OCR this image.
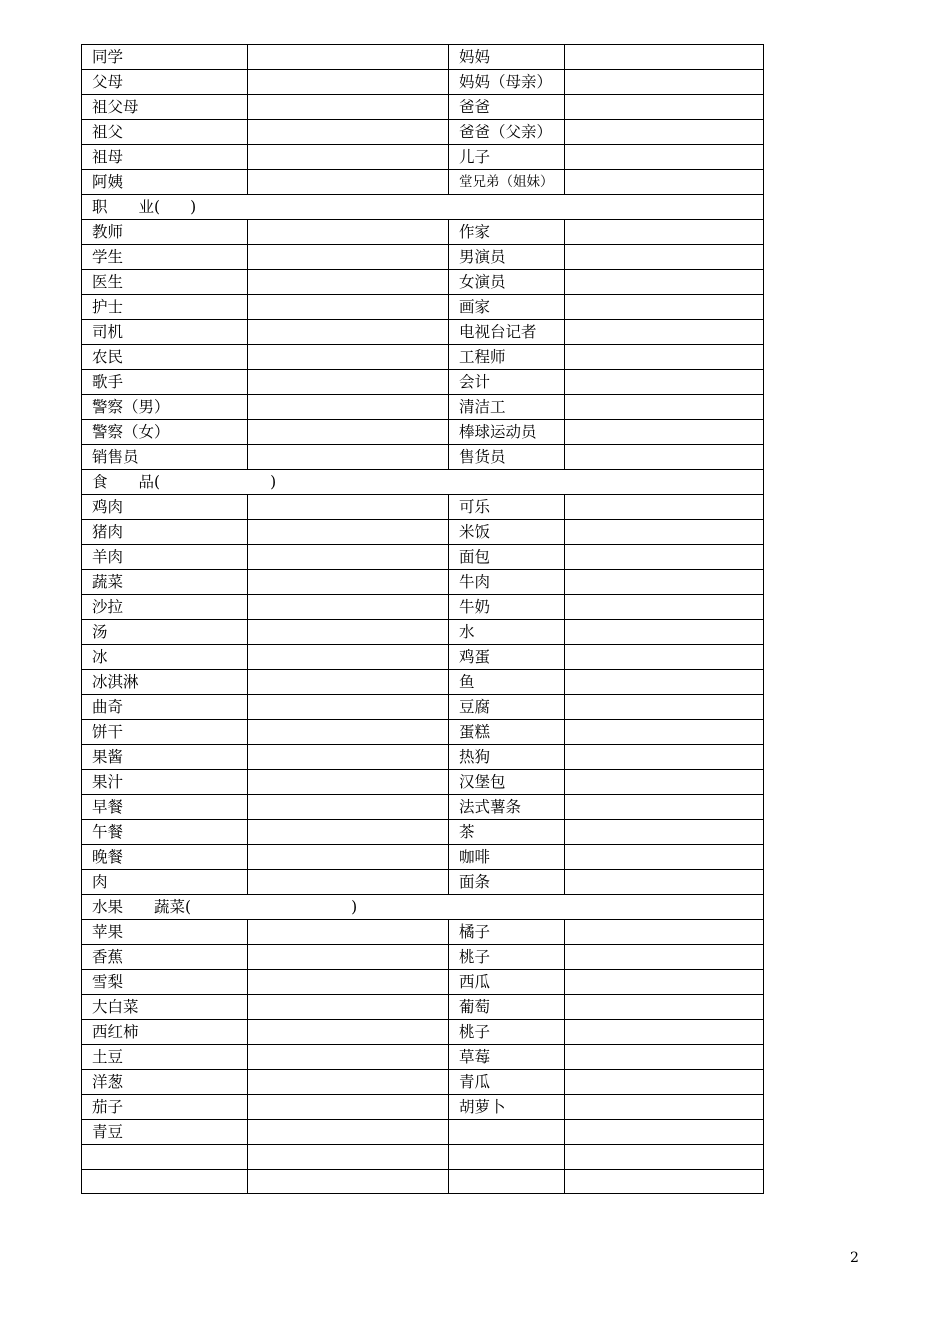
同学		妈妈	
父母		妈妈（母亲）	
祖父母		爸爸	
祖父		爸爸（父亲）	
祖母		儿子	
阿姨		堂兄弟（姐妹）	
职　　业( )			
教师		作家	
学生		男演员	
医生		女演员	
护士		画家	
司机		电视台记者	
农民		工程师	
歌手		会计	
警察（男）		清洁工	
警察（女）		棒球运动员	
销售员		售货员	
食　　品( )			
鸡肉		可乐	
猪肉		米饭	
羊肉		面包	
蔬菜		牛肉	
沙拉		牛奶	
汤		水	
冰		鸡蛋	
冰淇淋		鱼	
曲奇		豆腐	
饼干		蛋糕	
果酱		热狗	
果汁		汉堡包	
早餐		法式薯条	
午餐		茶	
晚餐		咖啡	
肉		面条	
水果　　蔬菜( )			
苹果		橘子	
香蕉		桃子	
雪梨		西瓜	
大白菜		葡萄	
西红柿		桃子	
土豆		草莓	
洋葱		青瓜	
茄子		胡萝卜	
青豆			

2
